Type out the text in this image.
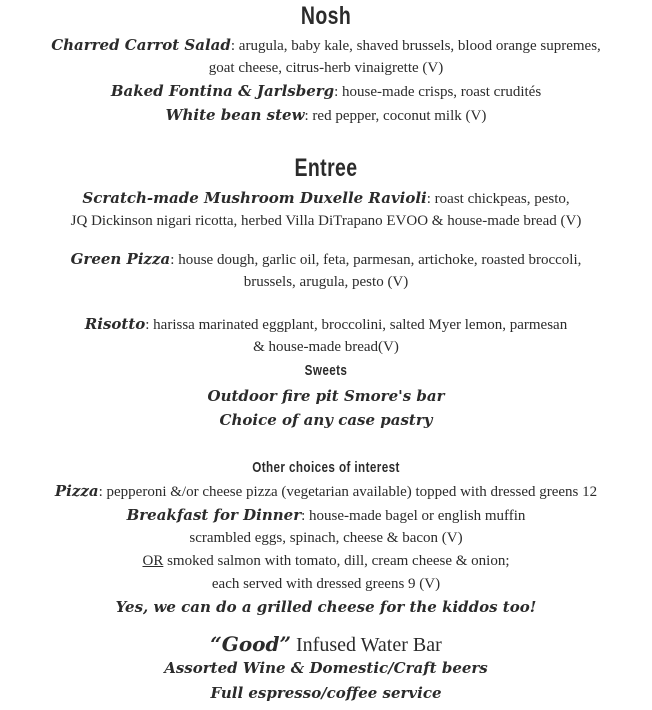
Nosh
Charred Carrot Salad: arugula, baby kale, shaved brussels, blood orange supremes,
goat cheese, citrus-herb vinaigrette (V)
Baked Fontina & Jarlsberg: house-made crisps, roast crudités
White bean stew: red pepper, coconut milk (V)
Entree
Scratch-made Mushroom Duxelle Ravioli: roast chickpeas, pesto,
JQ Dickinson nigari ricotta, herbed Villa DiTrapano EVOO & house-made bread (V)
Green Pizza: house dough, garlic oil, feta, parmesan, artichoke, roasted broccoli,
brussels, arugula, pesto (V)
Risotto: harissa marinated eggplant, broccolini, salted Myer lemon, parmesan
& house-made bread(V)
Sweets
Outdoor fire pit Smore's bar
Choice of any case pastry
Other choices of interest
Pizza: pepperoni &/or cheese pizza (vegetarian available) topped with dressed greens 12
Breakfast for Dinner: house-made bagel or english muffin
scrambled eggs, spinach, cheese & bacon (V)
OR smoked salmon with tomato, dill, cream cheese & onion;
each served with dressed greens 9 (V)
Yes, we can do a grilled cheese for the kiddos too!
“Good” Infused Water Bar
Assorted Wine & Domestic/Craft beers
Full espresso/coffee service
